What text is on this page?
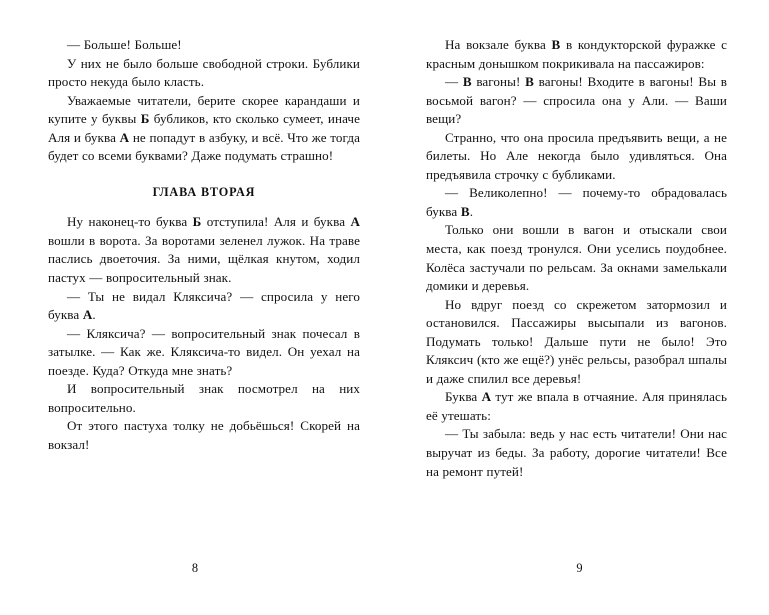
— Больше! Больше!

У них не было больше свободной строки. Бублики просто некуда было класть.

Уважаемые читатели, берите скорее карандаши и купите у буквы Б бубликов, кто сколько сумеет, иначе Аля и буква А не попадут в азбуку, и всё. Что же тогда будет со всеми буквами? Даже подумать страшно!

ГЛАВА ВТОРАЯ

Ну наконец-то буква Б отступила! Аля и буква А вошли в ворота. За воротами зеленел лужок. На траве паслись двоеточия. За ними, щёлкая кнутом, ходил пастух — вопросительный знак.

— Ты не видал Кляксича? — спросила у него буква А.

— Кляксича? — вопросительный знак почесал в затылке. — Как же. Кляксича-то видел. Он уехал на поезде. Куда? Откуда мне знать?

И вопросительный знак посмотрел на них вопросительно.

От этого пастуха толку не добьёшься! Скорей на вокзал!

8

На вокзале буква В в кондукторской фуражке с красным донышком покрикивала на пассажиров:

— В вагоны! В вагоны! Входите в вагоны! Вы в восьмой вагон? — спросила она у Али. — Ваши вещи?

Странно, что она просила предъявить вещи, а не билеты. Но Але некогда было удивляться. Она предъявила строчку с бубликами.

— Великолепно! — почему-то обрадовалась буква В.

Только они вошли в вагон и отыскали свои места, как поезд тронулся. Они уселись поудобнее. Колёса застучали по рельсам. За окнами замелькали домики и деревья.

Но вдруг поезд со скрежетом затормозил и остановился. Пассажиры высыпали из вагонов. Подумать только! Дальше пути не было! Это Кляксич (кто же ещё?) унёс рельсы, разобрал шпалы и даже спилил все деревья!

Буква А тут же впала в отчаяние. Аля принялась её утешать:

— Ты забыла: ведь у нас есть читатели! Они нас выручат из беды. За работу, дорогие читатели! Все на ремонт путей!

9
